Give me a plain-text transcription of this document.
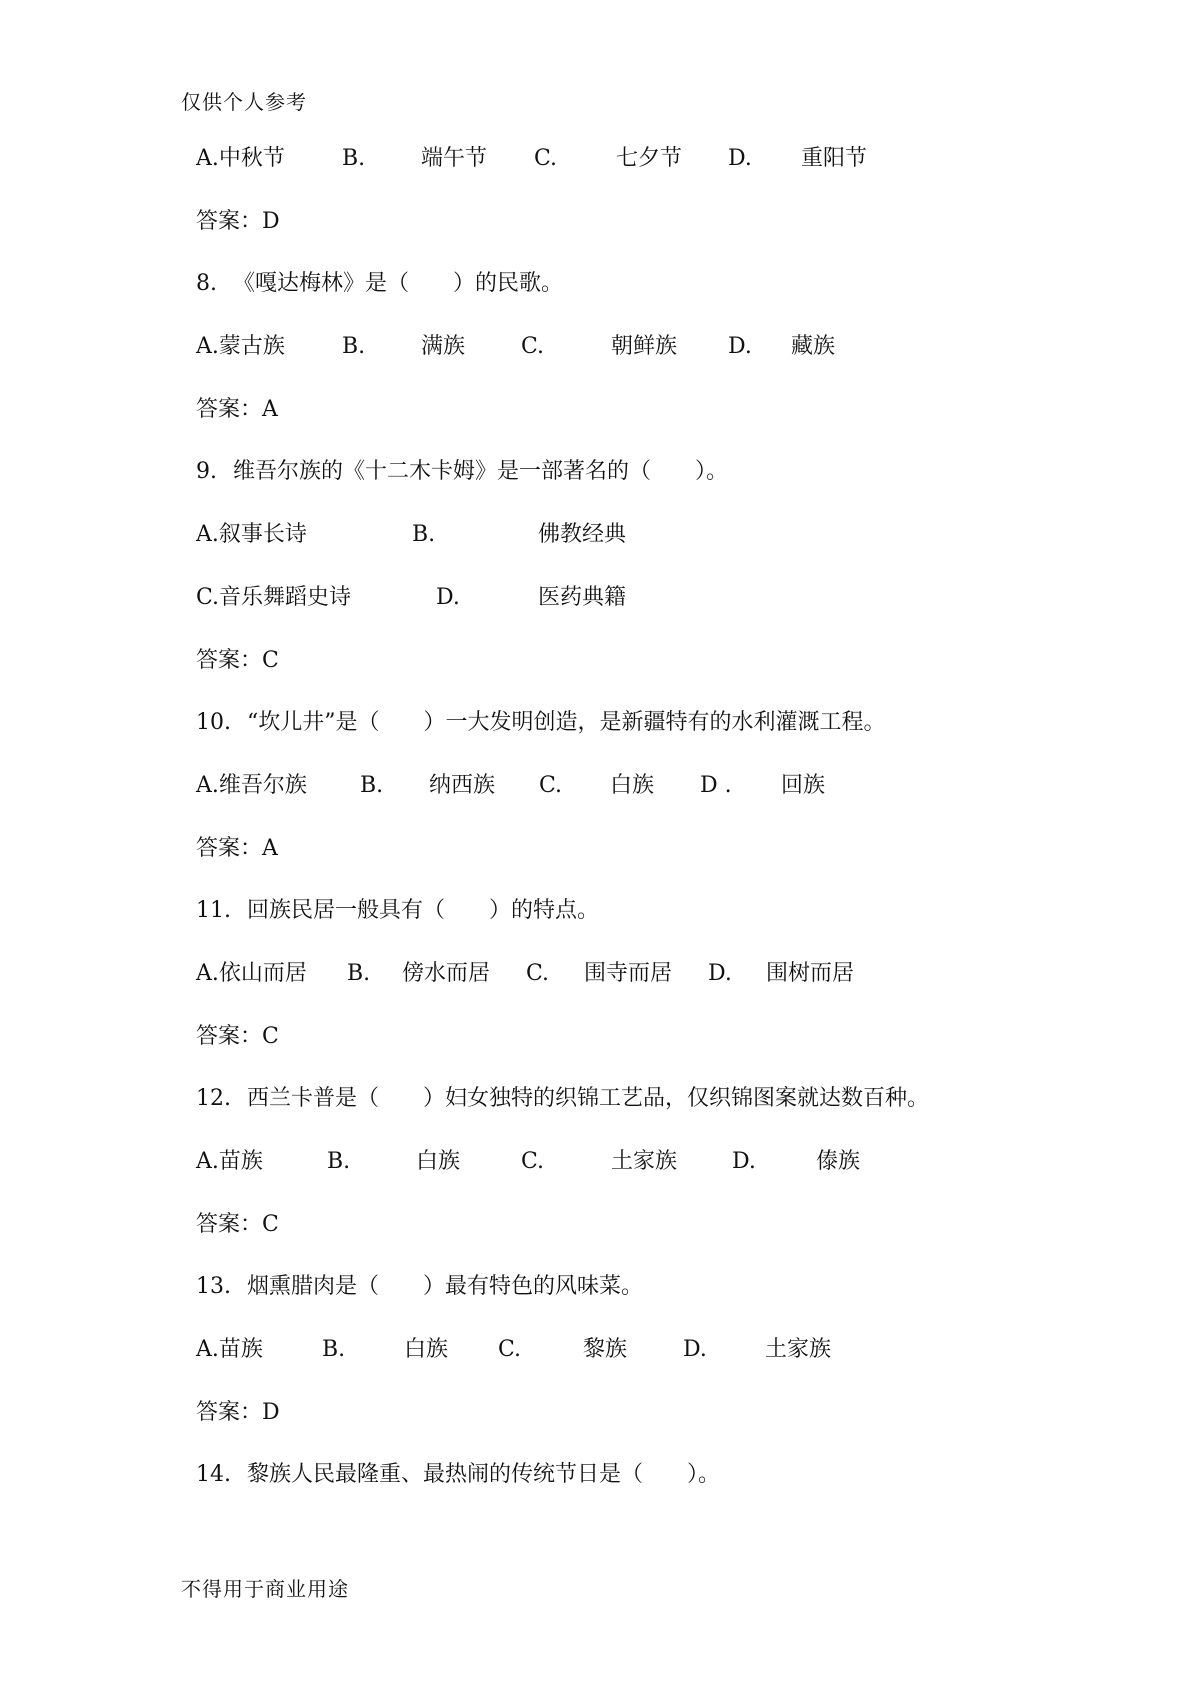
仅供个人参考
A.中秋节	B.	端午节 C.	七夕节 D. 重阳节
答案：D
8. 《嘎达梅林》是（　　）的民歌。
A.蒙古族	B.	满族	C.	朝鲜族 D. 藏族
答案：A
9. 维吾尔族的《十二木卡姆》是一部著名的（　　）。
A.叙事长诗	B.	佛教经典
C.音乐舞蹈史诗	D.	医药典籍
答案：C
10. “坎儿井”是（　　）一大发明创造，是新疆特有的水利灌溉工程。
A.维吾尔族 B. 纳西族 C. 白族 D . 回族
答案：A
11. 回族民居一般具有（　　）的特点。
A.依山而居 B. 傍水而居 C. 围寺而居 D. 围树而居
答案：C
12. 西兰卡普是（　　）妇女独特的织锦工艺品，仅织锦图案就达数百种。
A.苗族	B.	白族	C.	土家族 D.	傣族
答案：C
13. 烟熏腊肉是（　　）最有特色的风味菜。
A.苗族	B.	白族 C.	黎族	D.	土家族
答案：D
14. 黎族人民最隆重、最热闹的传统节日是（　　）。
不得用于商业用途
